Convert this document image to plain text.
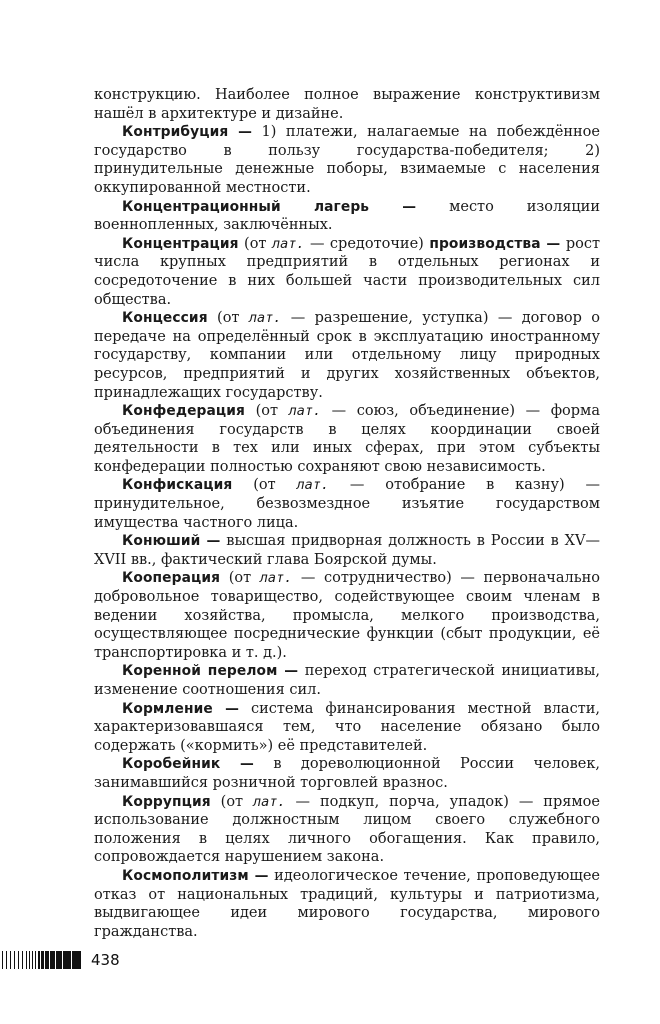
конструкцию. Наиболее полное выражение конструктивизм нашёл в архитектуре и дизайне.

Контрибуция — 1) платежи, налагаемые на побеждённое государство в пользу государства-победителя; 2) принудительные денежные поборы, взимаемые с населения оккупированной местности.

Концентрационный лагерь — место изоляции военнопленных, заключённых.

Концентрация (от лат. — средоточие) производства — рост числа крупных предприятий в отдельных регионах и сосредоточение в них большей части производительных сил общества.

Концессия (от лат. — разрешение, уступка) — договор о передаче на определённый срок в эксплуатацию иностранному государству, компании или отдельному лицу природных ресурсов, предприятий и других хозяйственных объектов, принадлежащих государству.

Конфедерация (от лат. — союз, объединение) — форма объединения государств в целях координации своей деятельности в тех или иных сферах, при этом субъекты конфедерации полностью сохраняют свою независимость.

Конфискация (от лат. — отобрание в казну) — принудительное, безвозмездное изъятие государством имущества частного лица.

Конюший — высшая придворная должность в России в XV—XVII вв., фактический глава Боярской думы.

Кооперация (от лат. — сотрудничество) — первоначально добровольное товарищество, содействующее своим членам в ведении хозяйства, промысла, мелкого производства, осуществляющее посреднические функции (сбыт продукции, её транспортировка и т. д.).

Коренной перелом — переход стратегической инициативы, изменение соотношения сил.

Кормление — система финансирования местной власти, характеризовавшаяся тем, что население обязано было содержать («кормить») её представителей.

Коробейник — в дореволюционной России человек, занимавшийся розничной торговлей вразнос.

Коррупция (от лат. — подкуп, порча, упадок) — прямое использование должностным лицом своего служебного положения в целях личного обогащения. Как правило, сопровождается нарушением закона.

Космополитизм — идеологическое течение, проповедующее отказ от национальных традиций, культуры и патриотизма, выдвигающее идеи мирового государства, мирового гражданства.

438
